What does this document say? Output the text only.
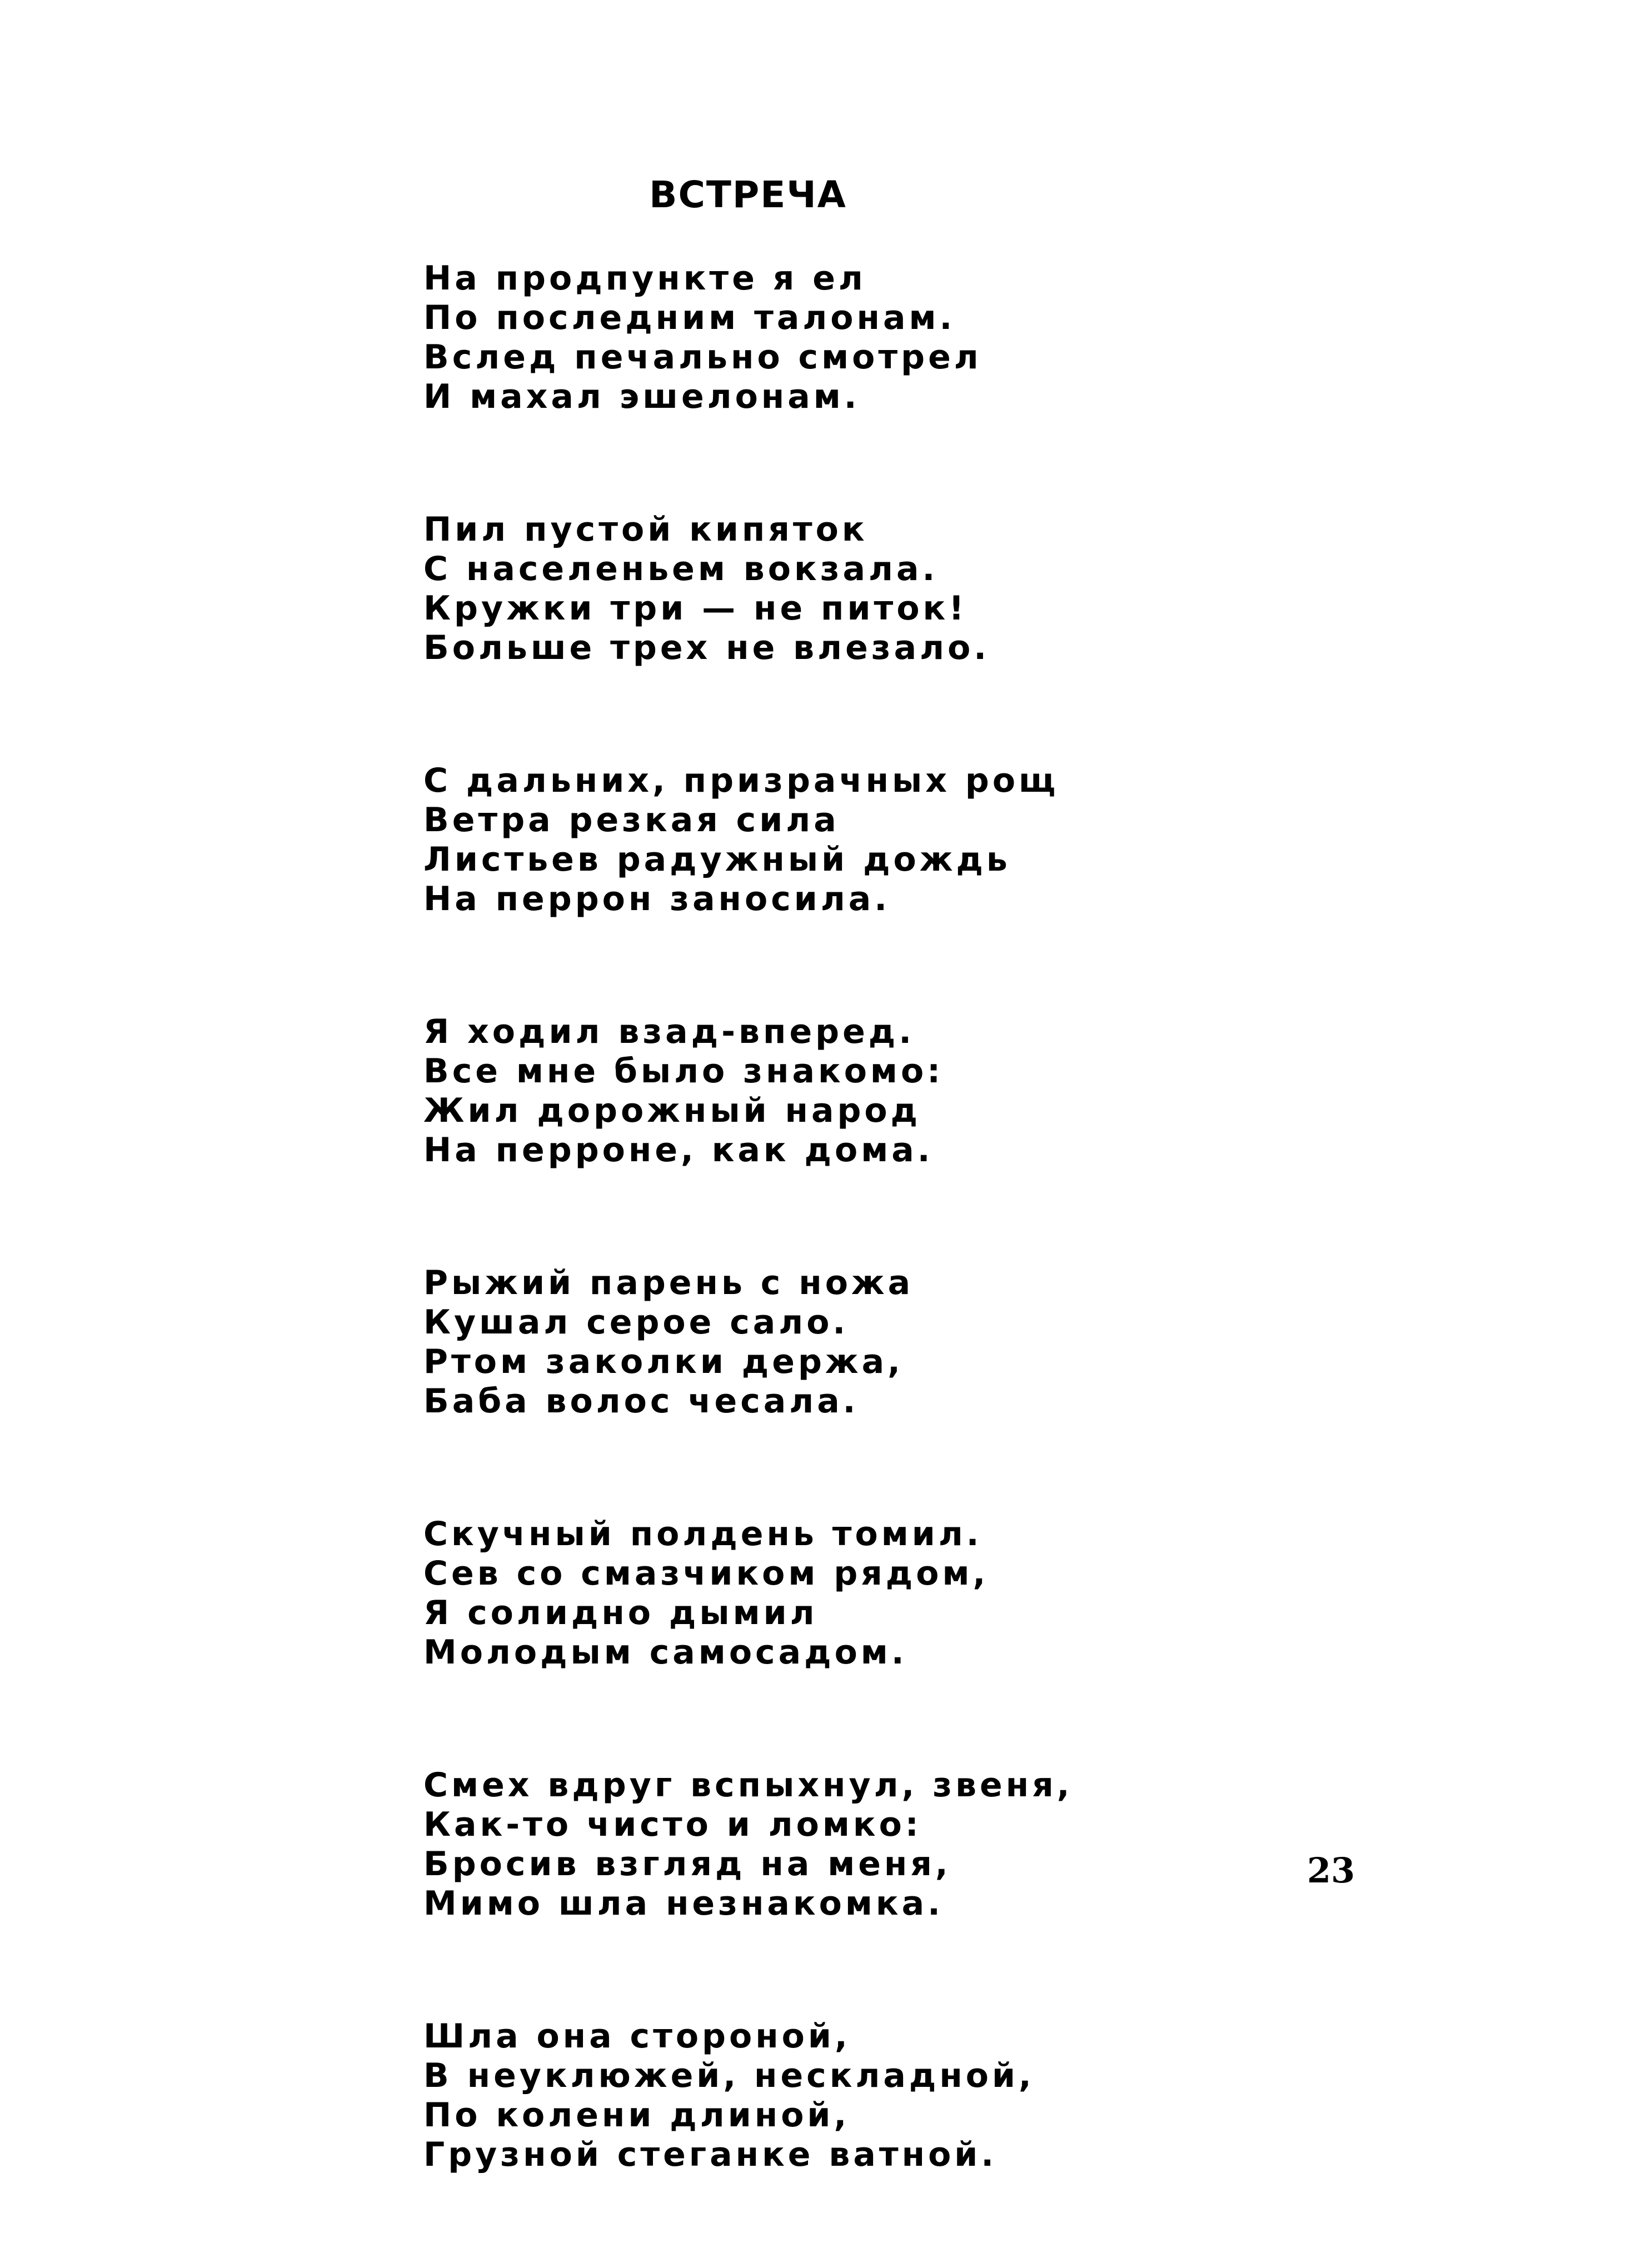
ВСТРЕЧА
На продпункте я ел
По последним талонам.
Вслед печально смотрел
И махал эшелонам.
Пил пустой кипяток
С населеньем вокзала.
Кружки три — не питок!
Больше трех не влезало.
С дальних, призрачных рощ
Ветра резкая сила
Листьев радужный дождь
На перрон заносила.
Я ходил взад-вперед.
Все мне было знакомо:
Жил дорожный народ
На перроне, как дома.
Рыжий парень с ножа
Кушал серое сало.
Ртом заколки держа,
Баба волос чесала.
Скучный полдень томил.
Сев со смазчиком рядом,
Я солидно дымил
Молодым самосадом.
Смех вдруг вспыхнул, звеня,
Как-то чисто и ломко:
Бросив взгляд на меня,
Мимо шла незнакомка.
Шла она стороной,
В неуклюжей, нескладной,
По колени длиной,
Грузной стеганке ватной.
23
